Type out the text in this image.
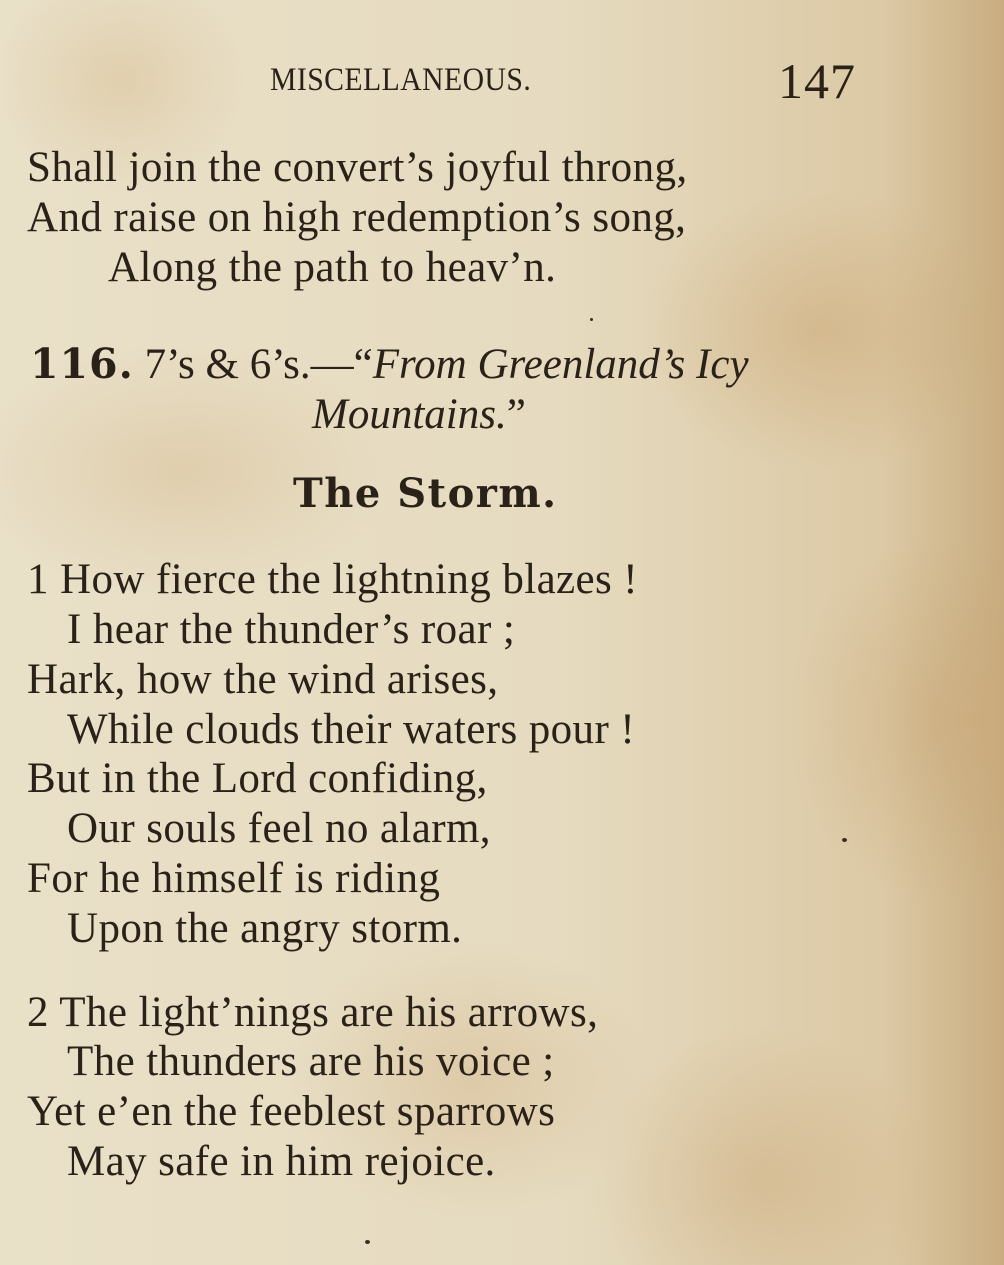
MISCELLANEOUS.	147
Shall join the convert’s joyful throng,
And raise on high redemption’s song,
Along the path to heav’n.
116. 7’s & 6’s.—“From Greenland’s Icy
Mountains.”
The Storm.
1 How fierce the lightning blazes !
I hear the thunder’s roar ;
Hark, how the wind arises,
While clouds their waters pour !
But in the Lord confiding,
Our souls feel no alarm,
For he himself is riding
Upon the angry storm.
2 The light’nings are his arrows,
The thunders are his voice ;
Yet e’en the feeblest sparrows
May safe in him rejoice.
